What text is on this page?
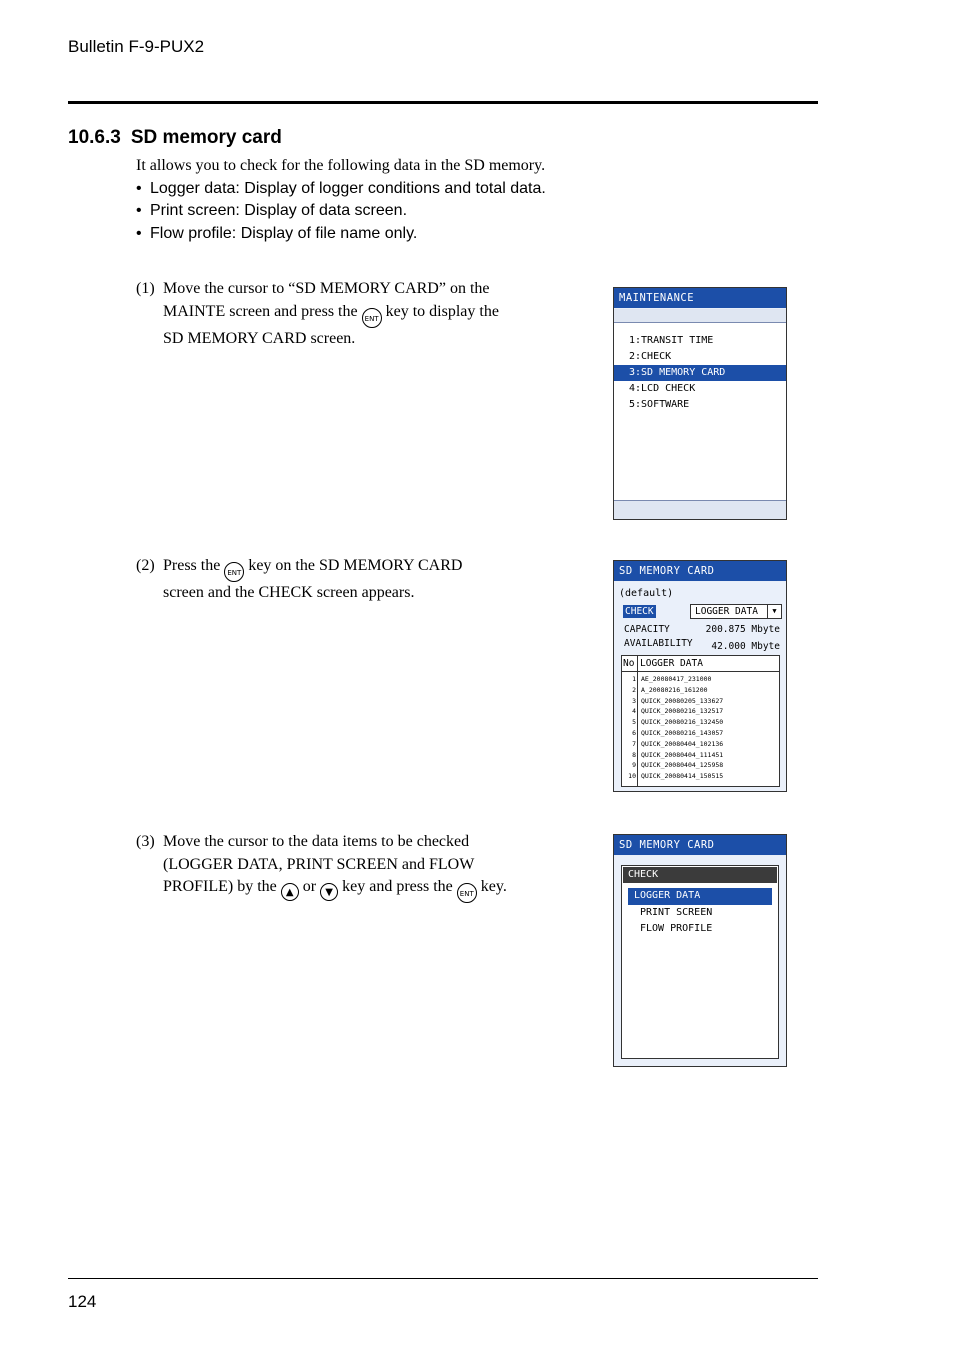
Bulletin F-9-PUX2
10.6.3 SD memory card
It allows you to check for the following data in the SD memory.
• Logger data: Display of logger conditions and total data.
• Print screen: Display of data screen.
• Flow profile: Display of file name only.
(1) Move the cursor to “SD MEMORY CARD” on the
MAINTE screen and press the ENT key to display the
SD MEMORY CARD screen.
(2) Press the ENT key on the SD MEMORY CARD
screen and the CHECK screen appears.
(3) Move the cursor to the data items to be checked
(LOGGER DATA, PRINT SCREEN and FLOW
PROFILE) by the ▲ or ▼ key and press the ENT key.
MAINTENANCE
1:TRANSIT TIME
2:CHECK
3:SD MEMORY CARD
4:LCD CHECK
5:SOFTWARE
SD MEMORY CARD
(default)
CHECK	LOGGER DATA	▼
CAPACITY	200.875 Mbyte
AVAILABILITY 42.000 Mbyte
No LOGGER DATA
1 AE_20080417_231000
2 A_20080216_161200
3 QUICK_20080205_133627
4 QUICK_20080216_132517
5 QUICK_20080216_132450
6 QUICK_20080216_143057
7 QUICK_20080404_102136
8 QUICK_20080404_111451
9 QUICK_20080404_125958
10 QUICK_20080414_150515
SD MEMORY CARD
CHECK
LOGGER DATA
PRINT SCREEN
FLOW PROFILE
124
